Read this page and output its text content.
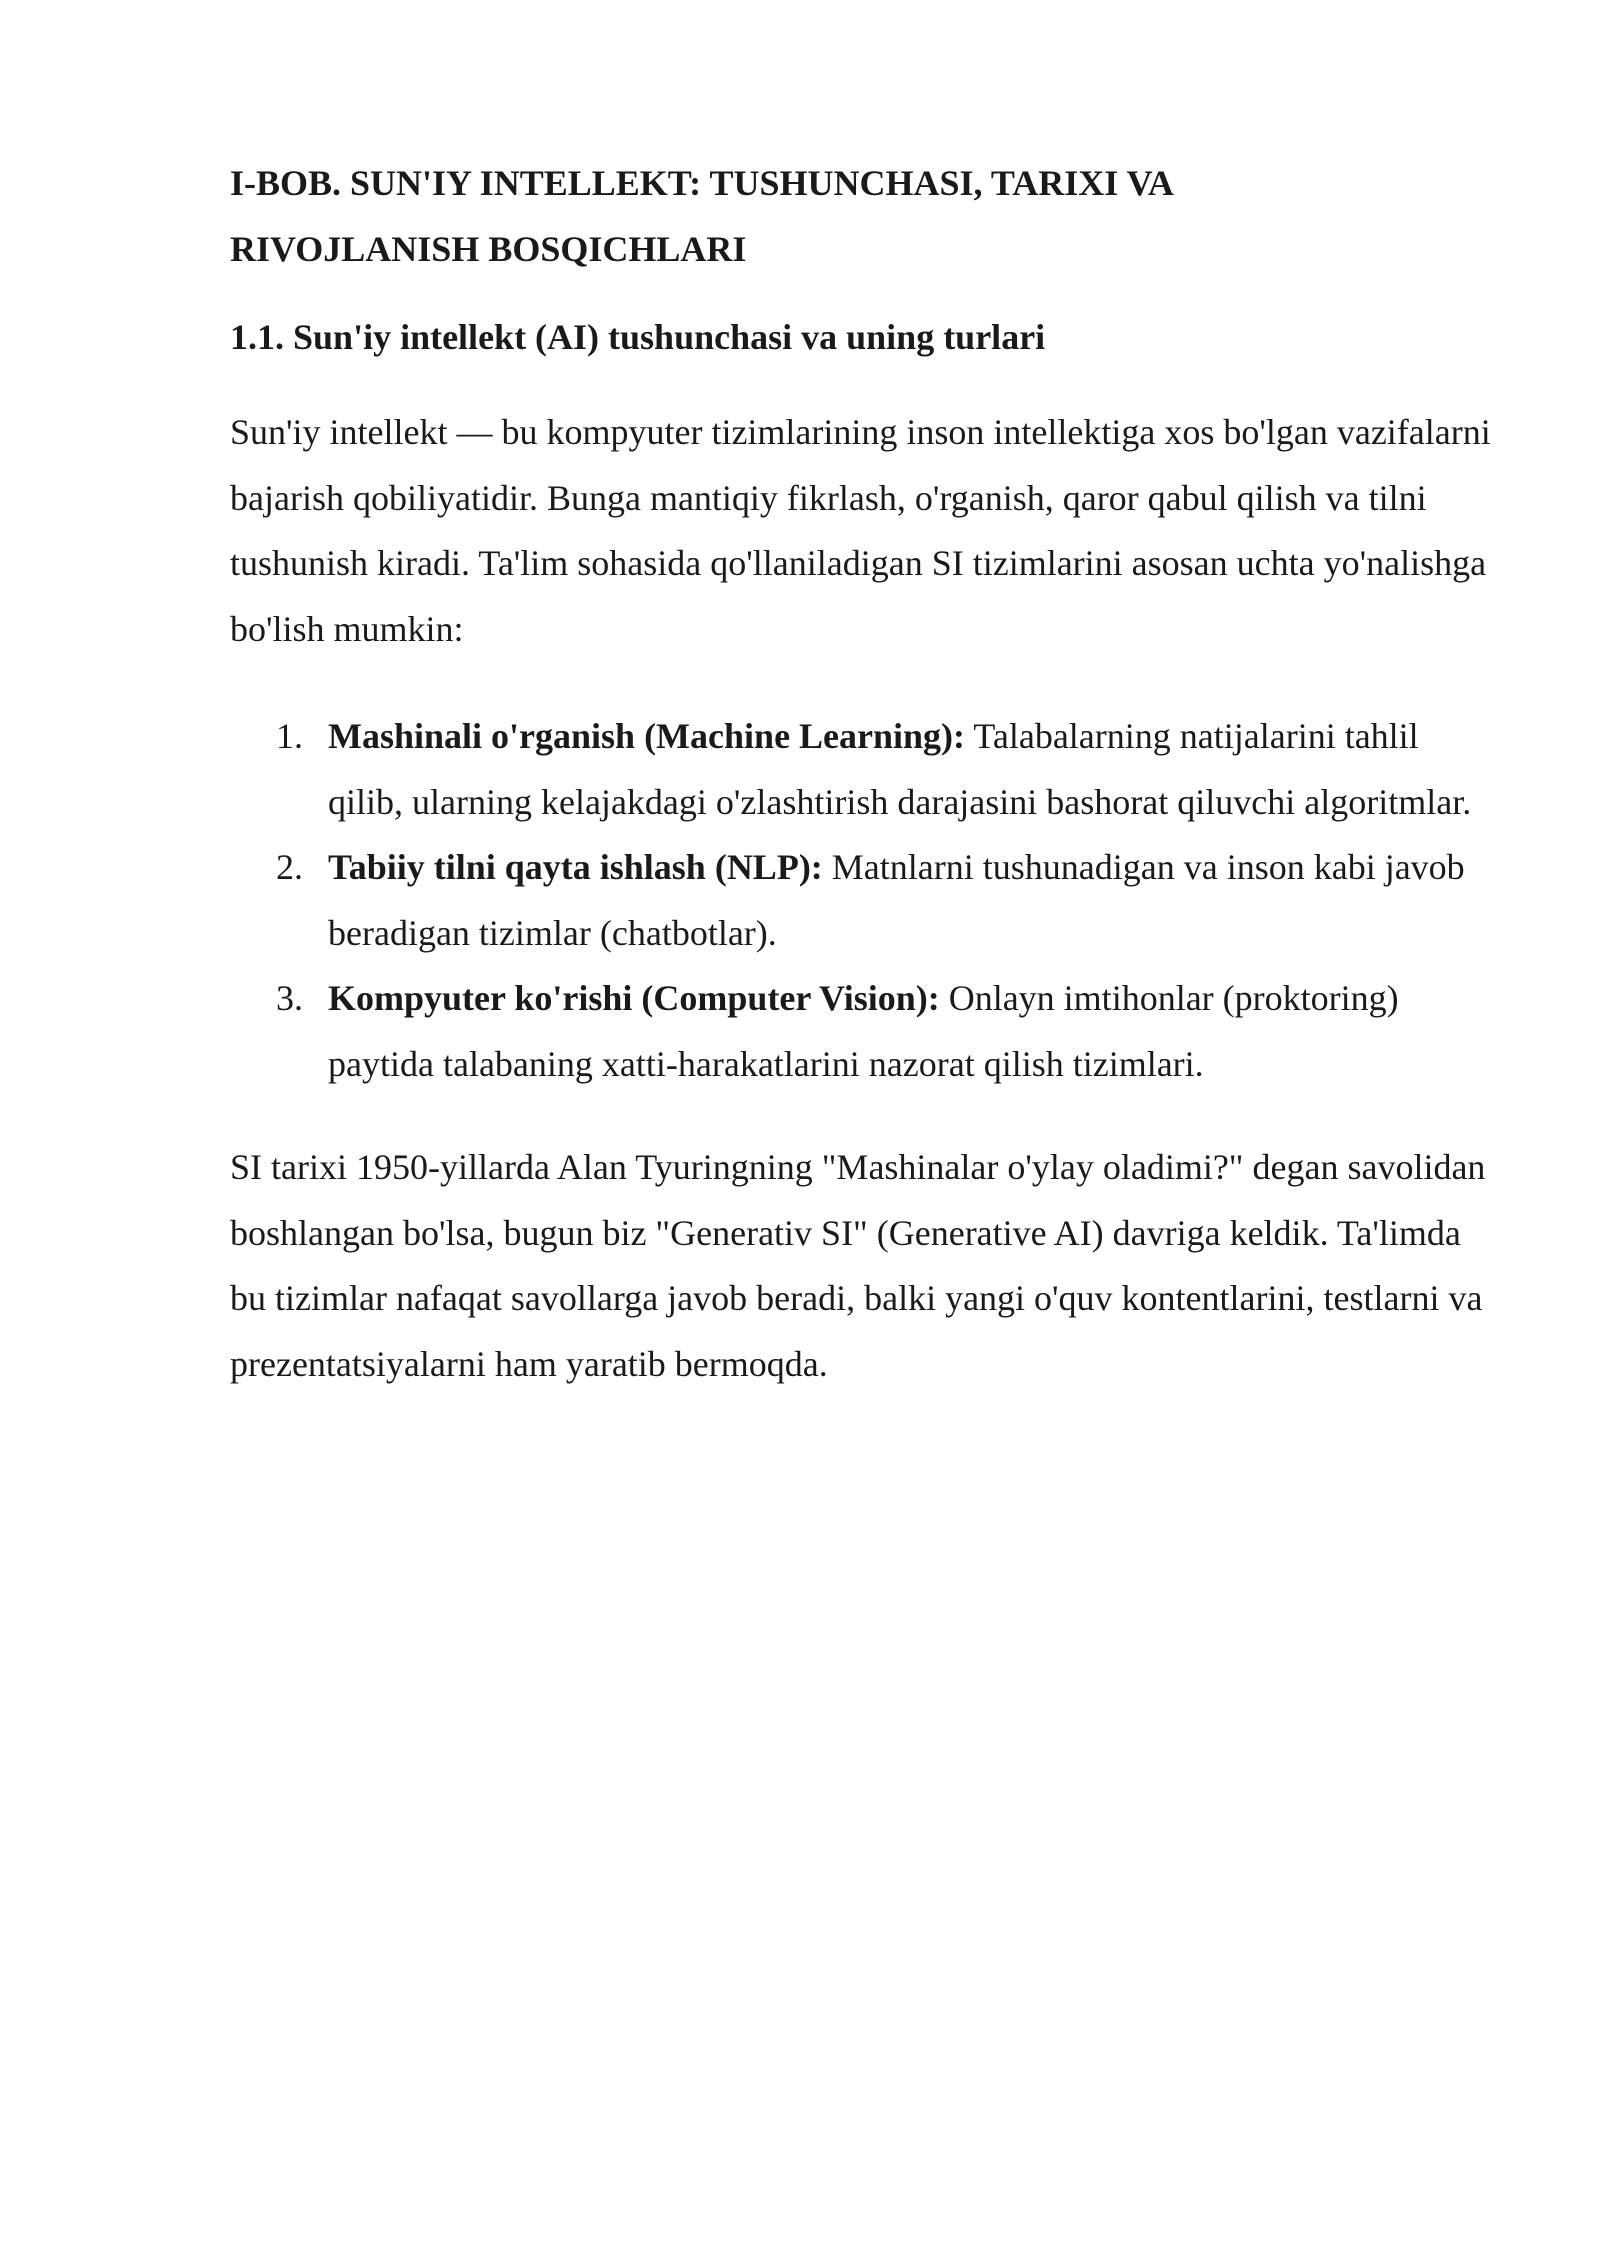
I-BOB. SUN'IY INTELLEKT: TUSHUNCHASI, TARIXI VA RIVOJLANISH BOSQICHLARI
1.1. Sun'iy intellekt (AI) tushunchasi va uning turlari

Sun'iy intellekt — bu kompyuter tizimlarining inson intellektiga xos bo'lgan vazifalarni bajarish qobiliyatidir. Bunga mantiqiy fikrlash, o'rganish, qaror qabul qilish va tilni tushunish kiradi. Ta'lim sohasida qo'llaniladigan SI tizimlarini asosan uchta yo'nalishga bo'lish mumkin:

1. Mashinali o'rganish (Machine Learning): Talabalarning natijalarini tahlil qilib, ularning kelajakdagi o'zlashtirish darajasini bashorat qiluvchi algoritmlar.
2. Tabiiy tilni qayta ishlash (NLP): Matnlarni tushunadigan va inson kabi javob beradigan tizimlar (chatbotlar).
3. Kompyuter ko'rishi (Computer Vision): Onlayn imtihonlar (proktoring) paytida talabaning xatti-harakatlarini nazorat qilish tizimlari.

SI tarixi 1950-yillarda Alan Tyuringning "Mashinalar o'ylay oladimi?" degan savolidan boshlangan bo'lsa, bugun biz "Generativ SI" (Generative AI) davriga keldik. Ta'limda bu tizimlar nafaqat savollarga javob beradi, balki yangi o'quv kontentlarini, testlarni va prezentatsiyalarni ham yaratib bermoqda.
